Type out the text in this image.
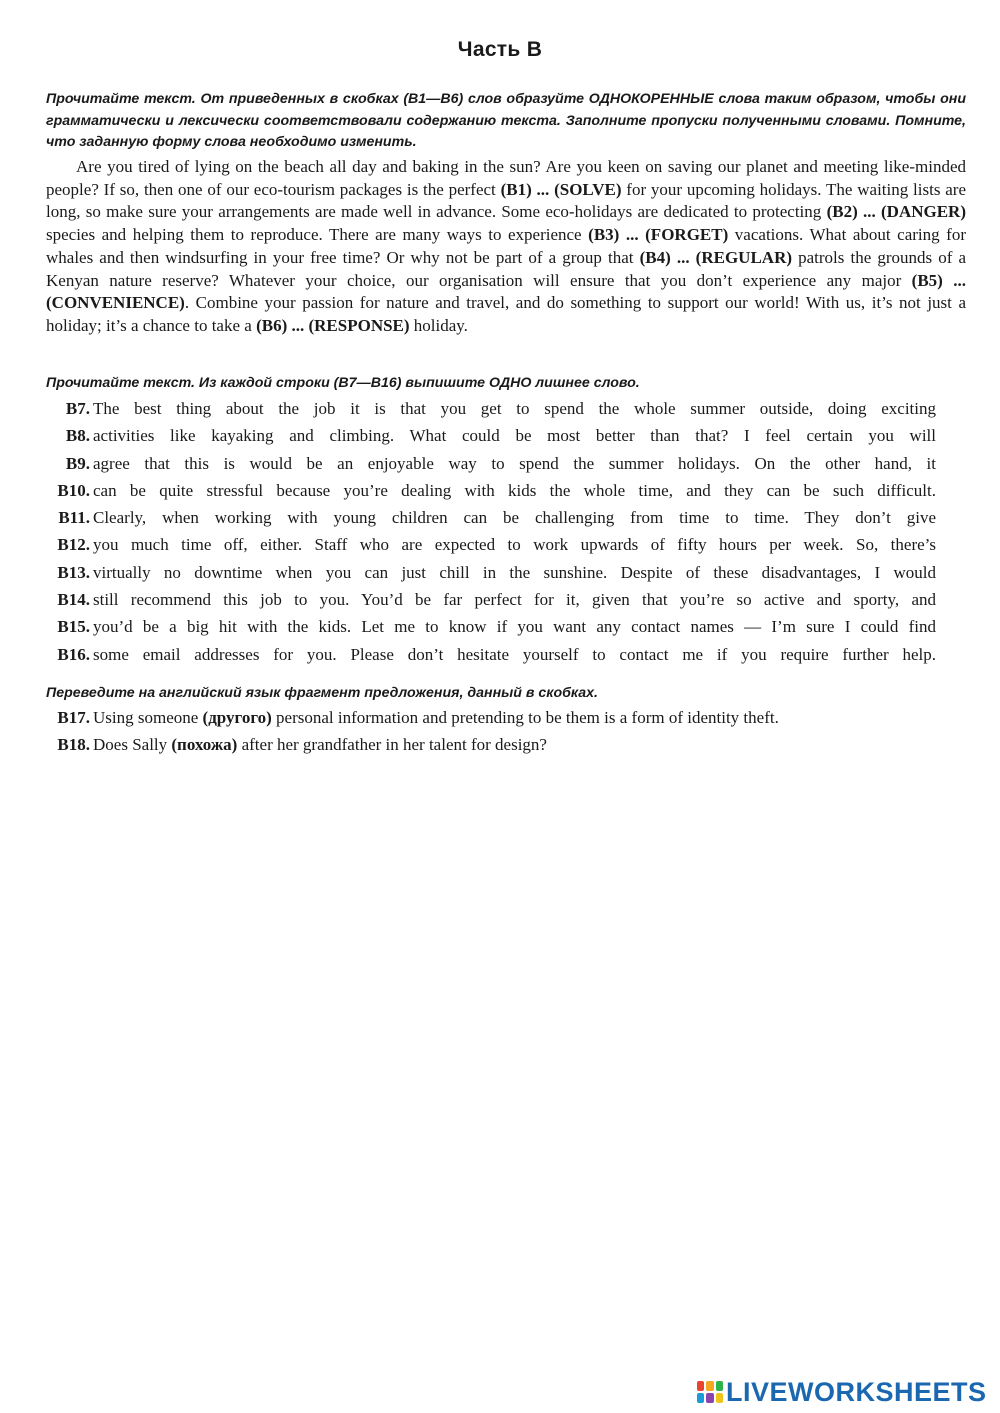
Часть В
Прочитайте текст. От приведенных в скобках (B1—B6) слов образуйте ОДНОКОРЕННЫЕ слова таким образом, чтобы они грамматически и лексически соответствовали содержанию текста. Заполните пропуски полученными словами. Помните, что заданную форму слова необходимо изменить.
Are you tired of lying on the beach all day and baking in the sun? Are you keen on saving our planet and meeting like-minded people? If so, then one of our eco-tourism packages is the perfect (B1) ... (SOLVE) for your upcoming holidays. The waiting lists are long, so make sure your arrangements are made well in advance. Some eco-holidays are dedicated to protecting (B2) ... (DANGER) species and helping them to reproduce. There are many ways to experience (B3) ... (FORGET) vacations. What about caring for whales and then windsurfing in your free time? Or why not be part of a group that (B4) ... (REGULAR) patrols the grounds of a Kenyan nature reserve? Whatever your choice, our organisation will ensure that you don’t experience any major (B5) ... (CONVENIENCE). Combine your passion for nature and travel, and do something to support our world! With us, it’s not just a holiday; it’s a chance to take a (B6) ... (RESPONSE) holiday.
Прочитайте текст. Из каждой строки (B7—B16) выпишите ОДНО лишнее слово.
B7. The best thing about the job it is that you get to spend the whole summer outside, doing exciting
B8. activities like kayaking and climbing. What could be most better than that? I feel certain you will
B9. agree that this is would be an enjoyable way to spend the summer holidays. On the other hand, it
B10. can be quite stressful because you’re dealing with kids the whole time, and they can be such difficult.
B11. Clearly, when working with young children can be challenging from time to time. They don’t give
B12. you much time off, either. Staff who are expected to work upwards of fifty hours per week. So, there’s
B13. virtually no downtime when you can just chill in the sunshine. Despite of these disadvantages, I would
B14. still recommend this job to you. You’d be far perfect for it, given that you’re so active and sporty, and
B15. you’d be a big hit with the kids. Let me to know if you want any contact names — I’m sure I could find
B16. some email addresses for you. Please don’t hesitate yourself to contact me if you require further help.
Переведите на английский язык фрагмент предложения, данный в скобках.
B17. Using someone (другого) personal information and pretending to be them is a form of identity theft.
B18. Does Sally (похожа) after her grandfather in her talent for design?
LIVEWORKSHEETS
